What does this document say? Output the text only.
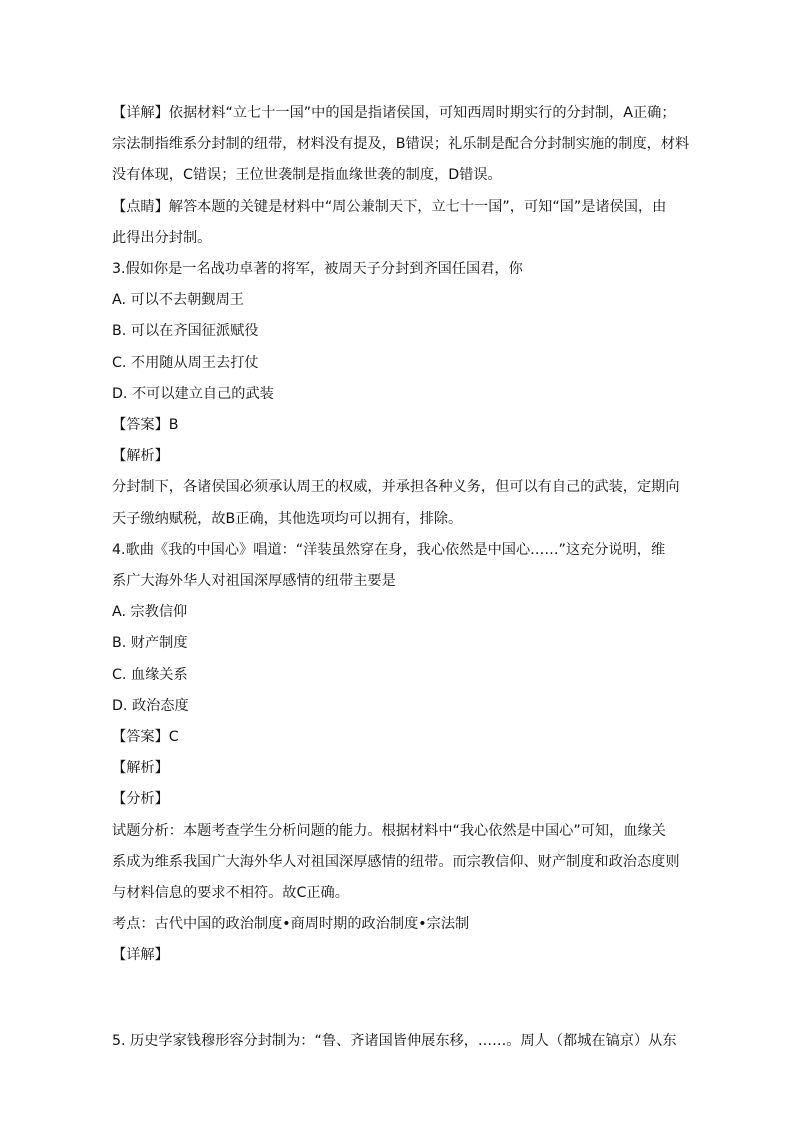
【详解】依据材料“立七十一国”中的国是指诸侯国，可知西周时期实行的分封制，A正确；

宗法制指维系分封制的纽带，材料没有提及，B错误；礼乐制是配合分封制实施的制度，材料

没有体现，C错误；王位世袭制是指血缘世袭的制度，D错误。

【点睛】解答本题的关键是材料中“周公兼制天下，立七十一国”，可知“国”是诸侯国，由

此得出分封制。

3.假如你是一名战功卓著的将军，被周天子分封到齐国任国君，你

A. 可以不去朝觐周王

B. 可以在齐国征派赋役

C. 不用随从周王去打仗

D. 不可以建立自己的武装

【答案】B

【解析】

分封制下，各诸侯国必须承认周王的权威，并承担各种义务，但可以有自己的武装，定期向

天子缴纳赋税，故B正确，其他选项均可以拥有，排除。

4.歌曲《我的中国心》唱道：“洋装虽然穿在身，我心依然是中国心……”这充分说明，维

系广大海外华人对祖国深厚感情的纽带主要是

A. 宗教信仰

B. 财产制度

C. 血缘关系

D. 政治态度

【答案】C

【解析】

【分析】

试题分析：本题考查学生分析问题的能力。根据材料中“我心依然是中国心”可知，血缘关

系成为维系我国广大海外华人对祖国深厚感情的纽带。而宗教信仰、财产制度和政治态度则

与材料信息的要求不相符。故C正确。

考点：古代中国的政治制度•商周时期的政治制度•宗法制

【详解】

5. 历史学家钱穆形容分封制为：“鲁、齐诸国皆伸展东移，……。周人（都城在镐京）从东
